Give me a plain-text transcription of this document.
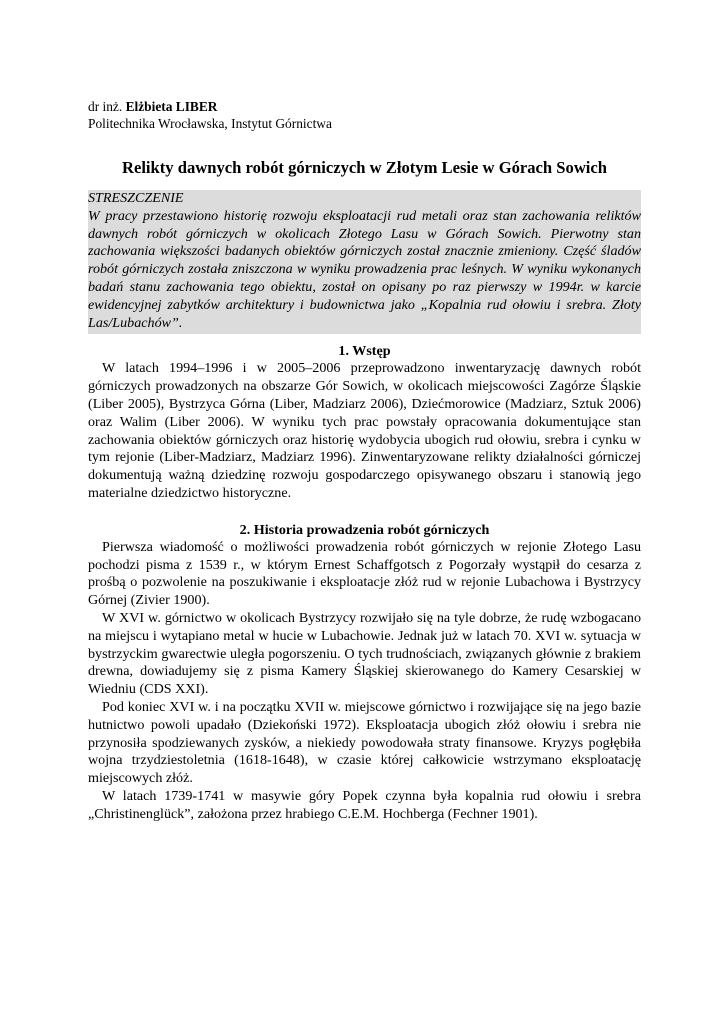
dr inż. Elżbieta LIBER
Politechnika Wrocławska, Instytut Górnictwa
Relikty dawnych robót górniczych w Złotym Lesie w Górach Sowich
STRESZCZENIE
W pracy przestawiono historię rozwoju eksploatacji rud metali oraz stan zachowania reliktów dawnych robót górniczych w okolicach Złotego Lasu w Górach Sowich. Pierwotny stan zachowania większości badanych obiektów górniczych został znacznie zmieniony. Część śladów robót górniczych została zniszczona w wyniku prowadzenia prac leśnych. W wyniku wykonanych badań stanu zachowania tego obiektu, został on opisany po raz pierwszy w 1994r. w karcie ewidencyjnej zabytków architektury i budownictwa jako „Kopalnia rud ołowiu i srebra. Złoty Las/Lubachów”.
1. Wstęp

W latach 1994–1996 i w 2005–2006 przeprowadzono inwentaryzację dawnych robót górniczych prowadzonych na obszarze Gór Sowich, w okolicach miejscowości Zagórze Śląskie (Liber 2005), Bystrzyca Górna (Liber, Madziarz 2006), Dziećmorowice (Madziarz, Sztuk 2006) oraz Walim (Liber 2006). W wyniku tych prac powstały opracowania dokumentujące stan zachowania obiektów górniczych oraz historię wydobycia ubogich rud ołowiu, srebra i cynku w tym rejonie (Liber-Madziarz, Madziarz 1996). Zinwentaryzowane relikty działalności górniczej dokumentują ważną dziedzinę rozwoju gospodarczego opisywanego obszaru i stanowią jego materialne dziedzictwo historyczne.

2. Historia prowadzenia robót górniczych

Pierwsza wiadomość o możliwości prowadzenia robót górniczych w rejonie Złotego Lasu pochodzi pisma z 1539 r., w którym Ernest Schaffgotsch z Pogorzały wystąpił do cesarza z prośbą o pozwolenie na poszukiwanie i eksploatacje złóż rud w rejonie Lubachowa i Bystrzycy Górnej (Zivier 1900).

W XVI w. górnictwo w okolicach Bystrzycy rozwijało się na tyle dobrze, że rudę wzbogacano na miejscu i wytapiano metal w hucie w Lubachowie. Jednak już w latach 70. XVI w. sytuacja w bystrzyckim gwarectwie uległa pogorszeniu. O tych trudnościach, związanych głównie z brakiem drewna, dowiadujemy się z pisma Kamery Śląskiej skierowanego do Kamery Cesarskiej w Wiedniu (CDS XXI).

Pod koniec XVI w. i na początku XVII w. miejscowe górnictwo i rozwijające się na jego bazie hutnictwo powoli upadało (Dziekoński 1972). Eksploatacja ubogich złóż ołowiu i srebra nie przynosiła spodziewanych zysków, a niekiedy powodowała straty finansowe. Kryzys pogłębiła wojna trzydziestoletnia (1618-1648), w czasie której całkowicie wstrzymano eksploatację miejscowych złóż.

W latach 1739-1741 w masywie góry Popek czynna była kopalnia rud ołowiu i srebra „Christinenglück”, założona przez hrabiego C.E.M. Hochberga (Fechner 1901).
